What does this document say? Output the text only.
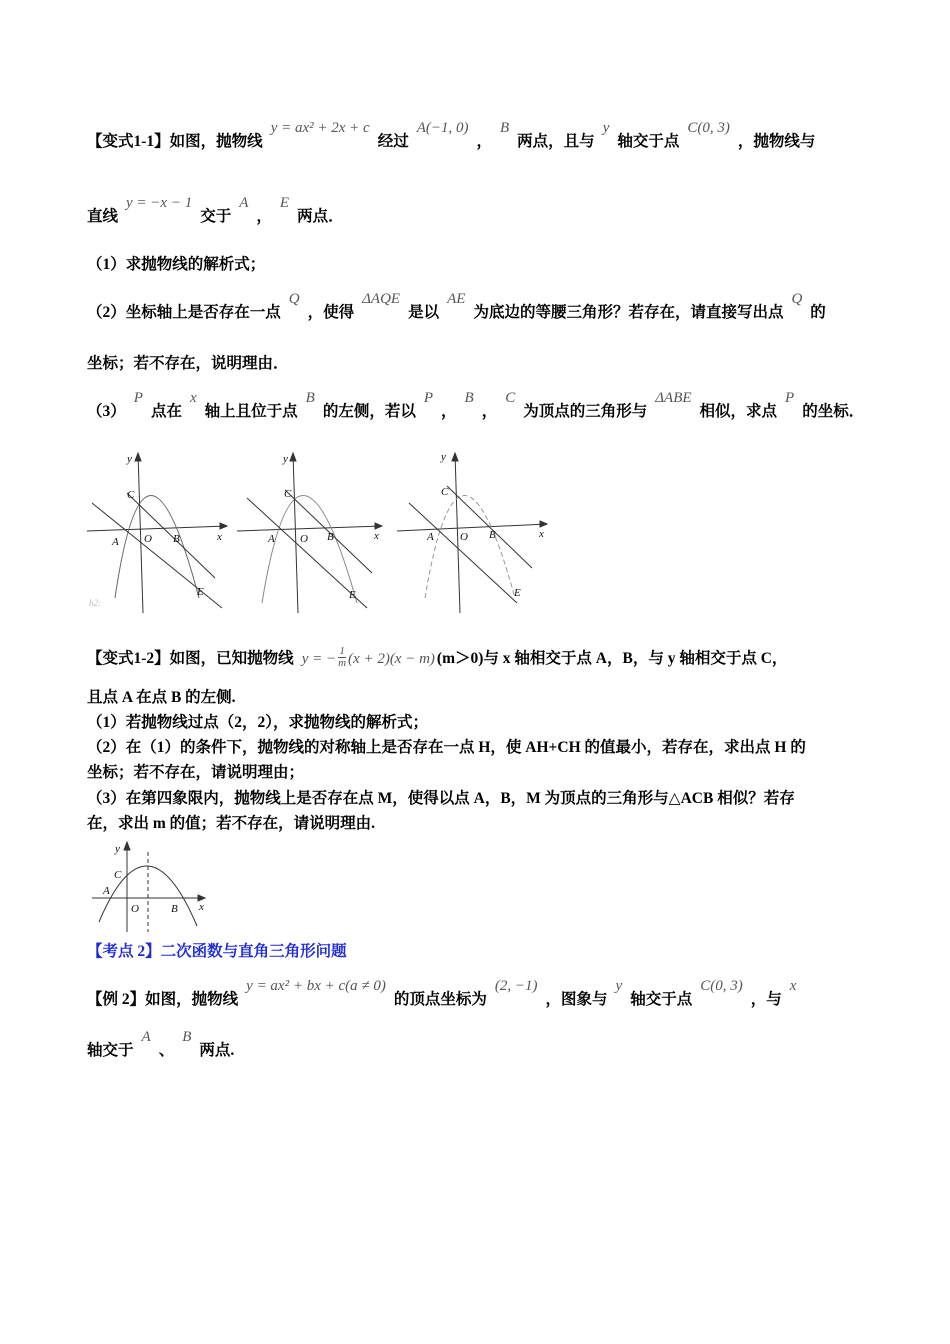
【变式1-1】如图，抛物线y = ax² + 2x + c经过A(−1, 0)，B两点，且与y轴交于点C(0, 3)，抛物线与
直线y = −x − 1交于A，E两点．
（1）求抛物线的解析式；
（2）坐标轴上是否存在一点Q，使得ΔAQE是以AE为底边的等腰三角形？若存在，请直接写出点Q的
坐标；若不存在，说明理由．
（3）P点在x轴上且位于点B的左侧，若以P，B，C为顶点的三角形与ΔABE相似，求点P的坐标．
y
C
A O B	x
E
h2:
y
C
A O B	x
E
y
C
A O B	x
E
【变式1-2】如图，已知抛物线 y = − $\frac{1}{m} (x + 2)(x - m)$ (m＞0)与 x 轴相交于点 A，B，与 y 轴相交于点 C，
且点 A 在点 B 的左侧.
（1）若抛物线过点（2，2），求抛物线的解析式；
（2）在（1）的条件下，抛物线的对称轴上是否存在一点 H，使 AH+CH 的值最小，若存在，求出点 H 的
坐标；若不存在，请说明理由；
（3）在第四象限内，抛物线上是否存在点 M，使得以点 A，B，M 为顶点的三角形与△ACB 相似？若存
在，求出 m 的值；若不存在，请说明理由.
y
C
A
O	B x
【考点 2】二次函数与直角三角形问题
【例 2】如图，抛物线y = ax² + bx + c(a ≠ 0)的顶点坐标为(2, −1)，图象与y轴交于点C(0, 3)，与x
轴交于A、B两点.
